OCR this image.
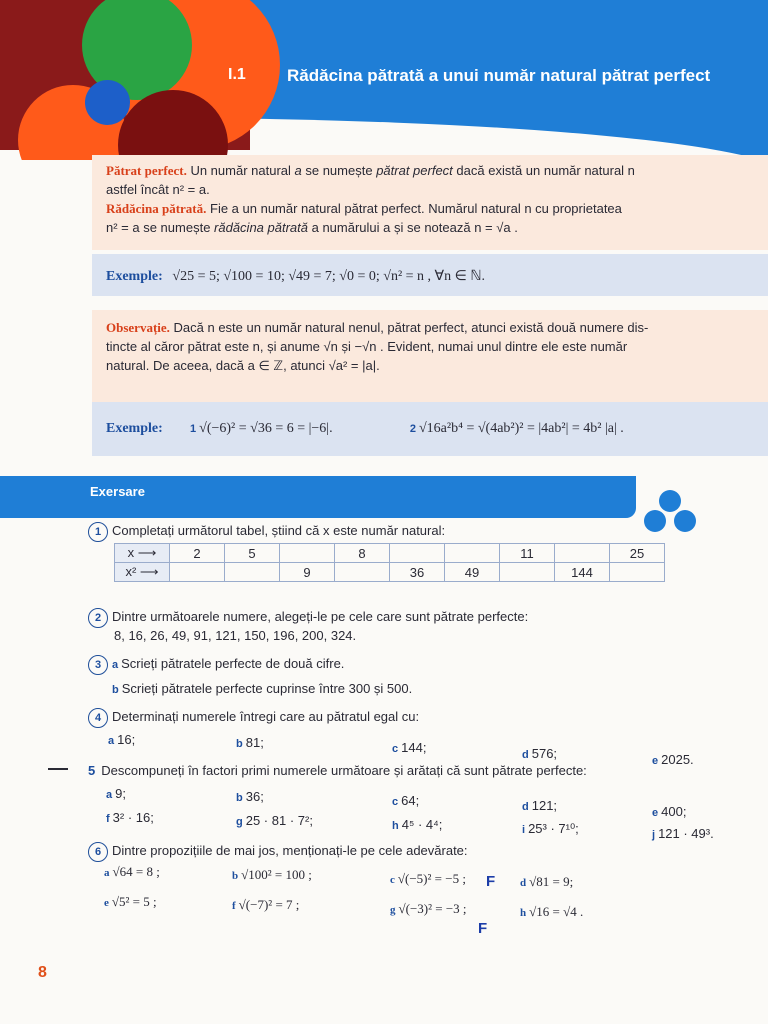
I.1 Rădăcina pătrată a unui număr natural pătrat perfect
Pătrat perfect. Un număr natural a se numește pătrat perfect dacă există un număr natural n
astfel încât n² = a.
Rădăcina pătrată. Fie a un număr natural pătrat perfect. Numărul natural n cu proprietatea
n² = a se numește rădăcina pătrată a numărului a și se notează n = √a .
Exemple: √25 = 5; √100 = 10; √49 = 7; √0 = 0; √n² = n , ∀n ∈ ℕ.
Observație. Dacă n este un număr natural nenul, pătrat perfect, atunci există două numere dis-
tincte al căror pătrat este n, și anume √n și −√n . Evident, numai unul dintre ele este număr
natural. De aceea, dacă a ∈ ℤ, atunci √a² = |a|.
Exemple: 1 √(−6)² = √36 = 6 = |−6|.	2 √16a²b⁴ = √(4ab²)² = |4ab²| = 4b² |a| .
Exersare
1 Completați următorul tabel, știind că x este număr natural:
x ⟶	2	5		8			11		25
x² ⟶			9		36	49		144	
2 Dintre următoarele numere, alegeți-le pe cele care sunt pătrate perfecte:
8, 16, 26, 49, 91, 121, 150, 196, 200, 324.
3 a Scrieți pătratele perfecte de două cifre.
b Scrieți pătratele perfecte cuprinse între 300 și 500.
4 Determinați numerele întregi care au pătratul egal cu:
a 16;	b 81;	c 144;	d 576;	e 2025.
5 Descompuneți în factori primi numerele următoare și arătați că sunt pătrate perfecte:
a 9;	b 36;	c 64;	d 121;	e 400;
f 3² · 16;	g 25 · 81 · 7²;	h 4⁵ · 4⁴;	i 25³ · 7¹⁰;	j 121 · 49³.
6 Dintre propozițiile de mai jos, menționați-le pe cele adevărate:
a √64 = 8 ;	b √100² = 100 ;	c √(−5)² = −5 ; F d √81 = 9;
e √5² = 5 ;	f √(−7)² = 7 ;	g √(−3)² = −3 ;
F
h √16 = √4 .
8
